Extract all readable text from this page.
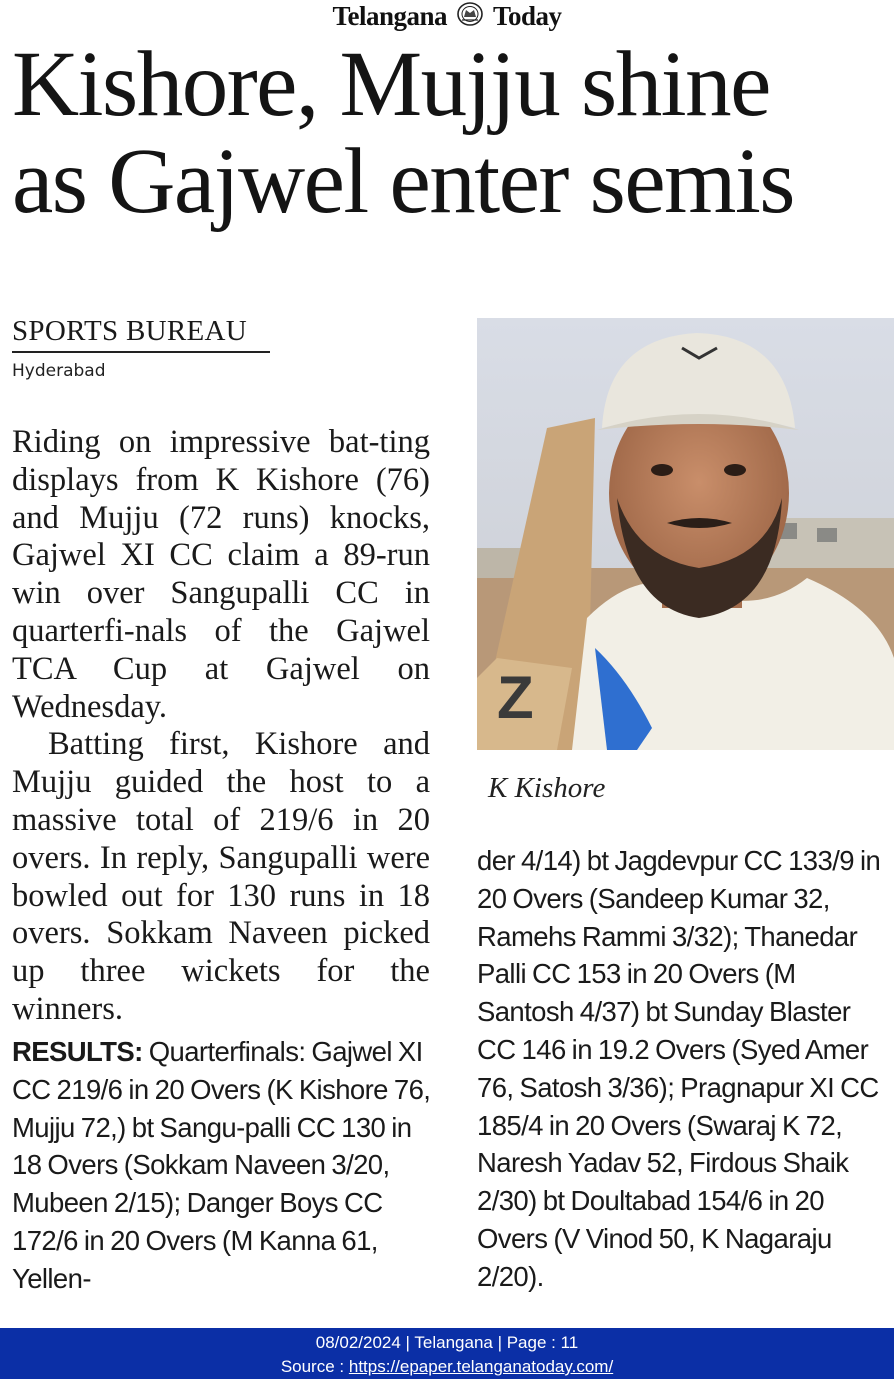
Telangana Today
Kishore, Mujju shine
as Gajwel enter semis
SPORTS BUREAU
Hyderabad

Riding on impressive bat-ting displays from K Kishore (76) and Mujju (72 runs) knocks, Gajwel XI CC claim a 89-run win over Sangupalli CC in quarterfi-nals of the Gajwel TCA Cup at Gajwel on Wednesday.

Batting first, Kishore and Mujju guided the host to a massive total of 219/6 in 20 overs. In reply, Sangupalli were bowled out for 130 runs in 18 overs. Sokkam Naveen picked up three wickets for the winners.

RESULTS: Quarterfinals: Gajwel XI CC 219/6 in 20 Overs (K Kishore 76, Mujju 72,) bt Sangu-palli CC 130 in 18 Overs (Sokkam Naveen 3/20, Mubeen 2/15); Danger Boys CC 172/6 in 20 Overs (M Kanna 61, Yellen-
Z
K Kishore
der 4/14) bt Jagdevpur CC 133/9 in 20 Overs (Sandeep Kumar 32, Ramehs Rammi 3/32); Thanedar Palli CC 153 in 20 Overs (M Santosh 4/37) bt Sunday Blaster CC 146 in 19.2 Overs (Syed Amer 76, Satosh 3/36); Pragnapur XI CC 185/4 in 20 Overs (Swaraj K 72, Naresh Yadav 52, Firdous Shaik 2/30) bt Doultabad 154/6 in 20 Overs (V Vinod 50, K Nagaraju 2/20).
08/02/2024 | Telangana | Page : 11
Source : https://epaper.telanganatoday.com/
